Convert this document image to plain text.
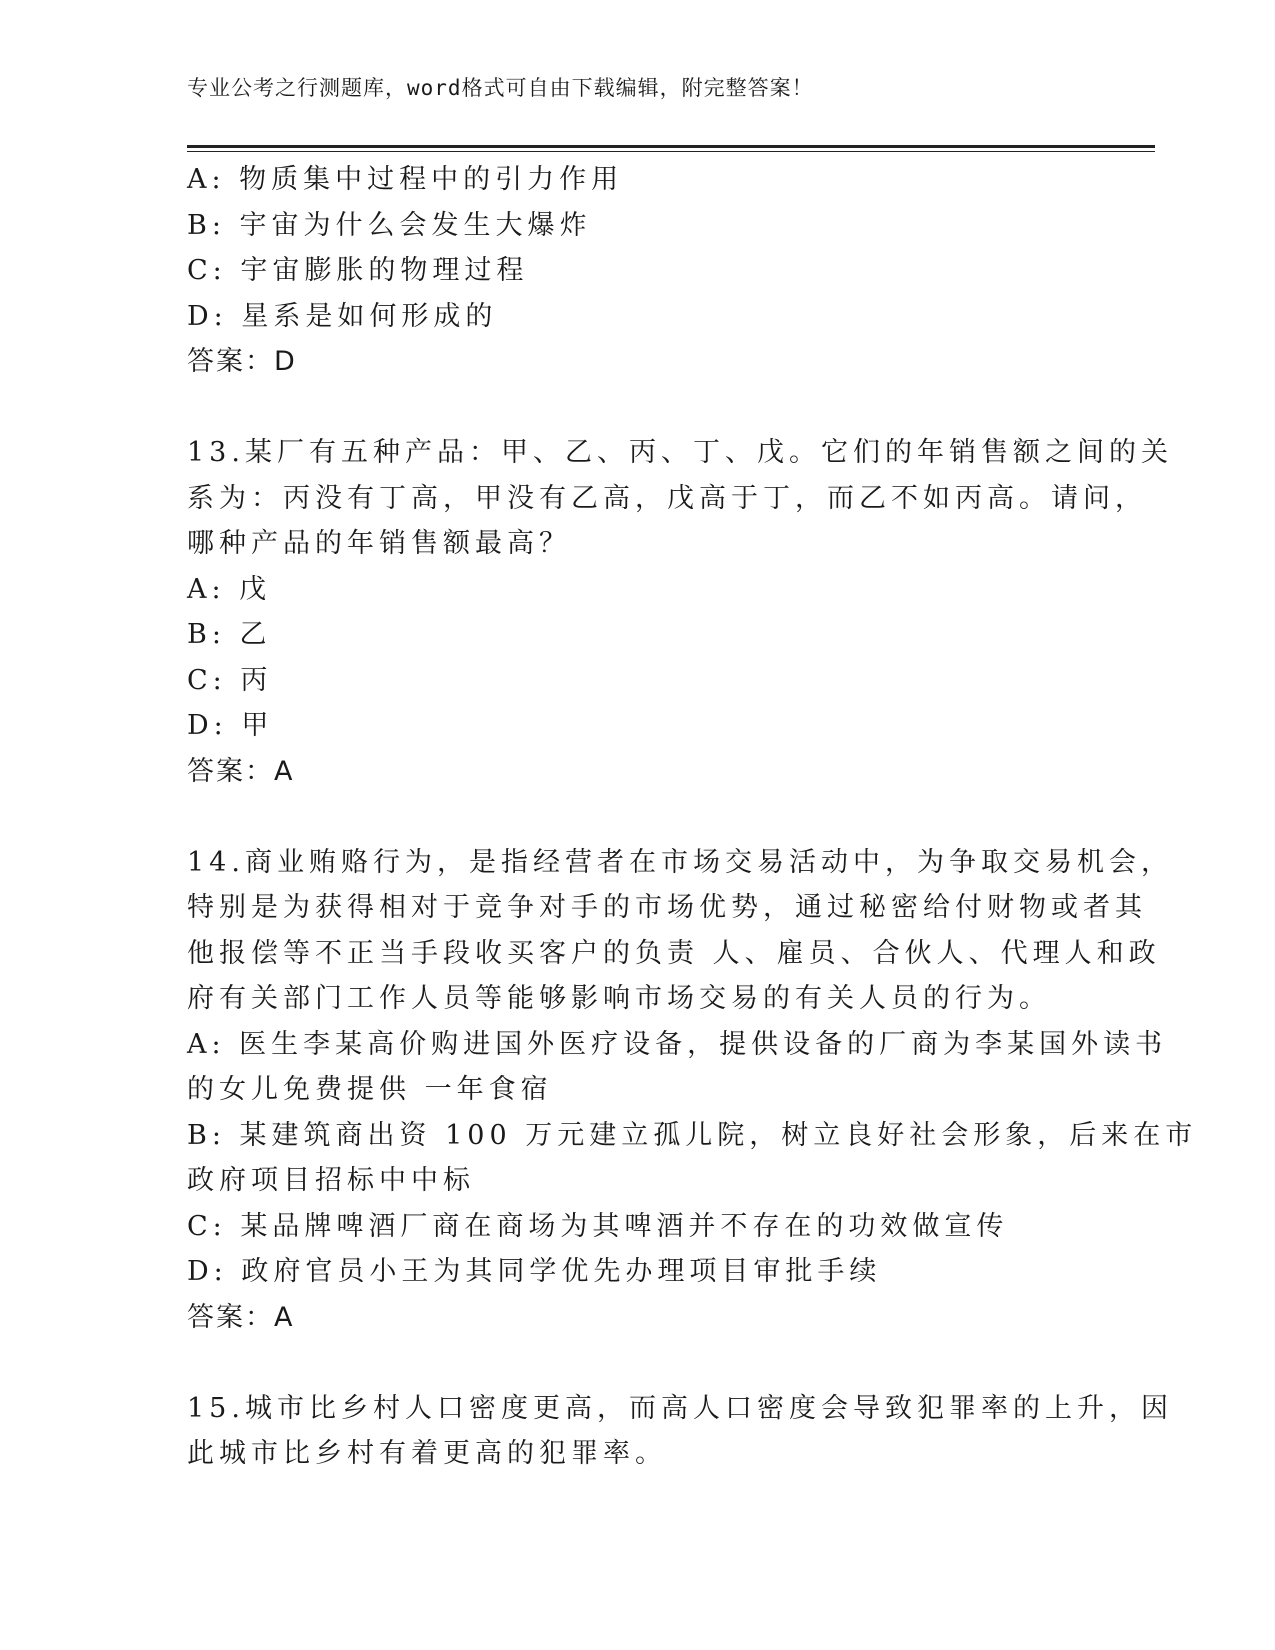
专业公考之行测题库，word格式可自由下载编辑，附完整答案！
A: 物质集中过程中的引力作用
B: 宇宙为什么会发生大爆炸
C: 宇宙膨胀的物理过程
D: 星系是如何形成的
答案：D
13.某厂有五种产品：甲、乙、丙、丁、戊。它们的年销售额之间的关
系为：丙没有丁高，甲没有乙高，戊高于丁，而乙不如丙高。请问，
哪种产品的年销售额最高？
A: 戊
B: 乙
C: 丙
D: 甲
答案：A
14.商业贿赂行为，是指经营者在市场交易活动中，为争取交易机会，
特别是为获得相对于竞争对手的市场优势，通过秘密给付财物或者其
他报偿等不正当手段收买客户的负责 人、雇员、合伙人、代理人和政
府有关部门工作人员等能够影响市场交易的有关人员的行为。
A: 医生李某高价购进国外医疗设备，提供设备的厂商为李某国外读书
的女儿免费提供 一年食宿
B: 某建筑商出资 100 万元建立孤儿院，树立良好社会形象，后来在市
政府项目招标中中标
C: 某品牌啤酒厂商在商场为其啤酒并不存在的功效做宣传
D: 政府官员小王为其同学优先办理项目审批手续
答案：A
15.城市比乡村人口密度更高，而高人口密度会导致犯罪率的上升，因
此城市比乡村有着更高的犯罪率。
